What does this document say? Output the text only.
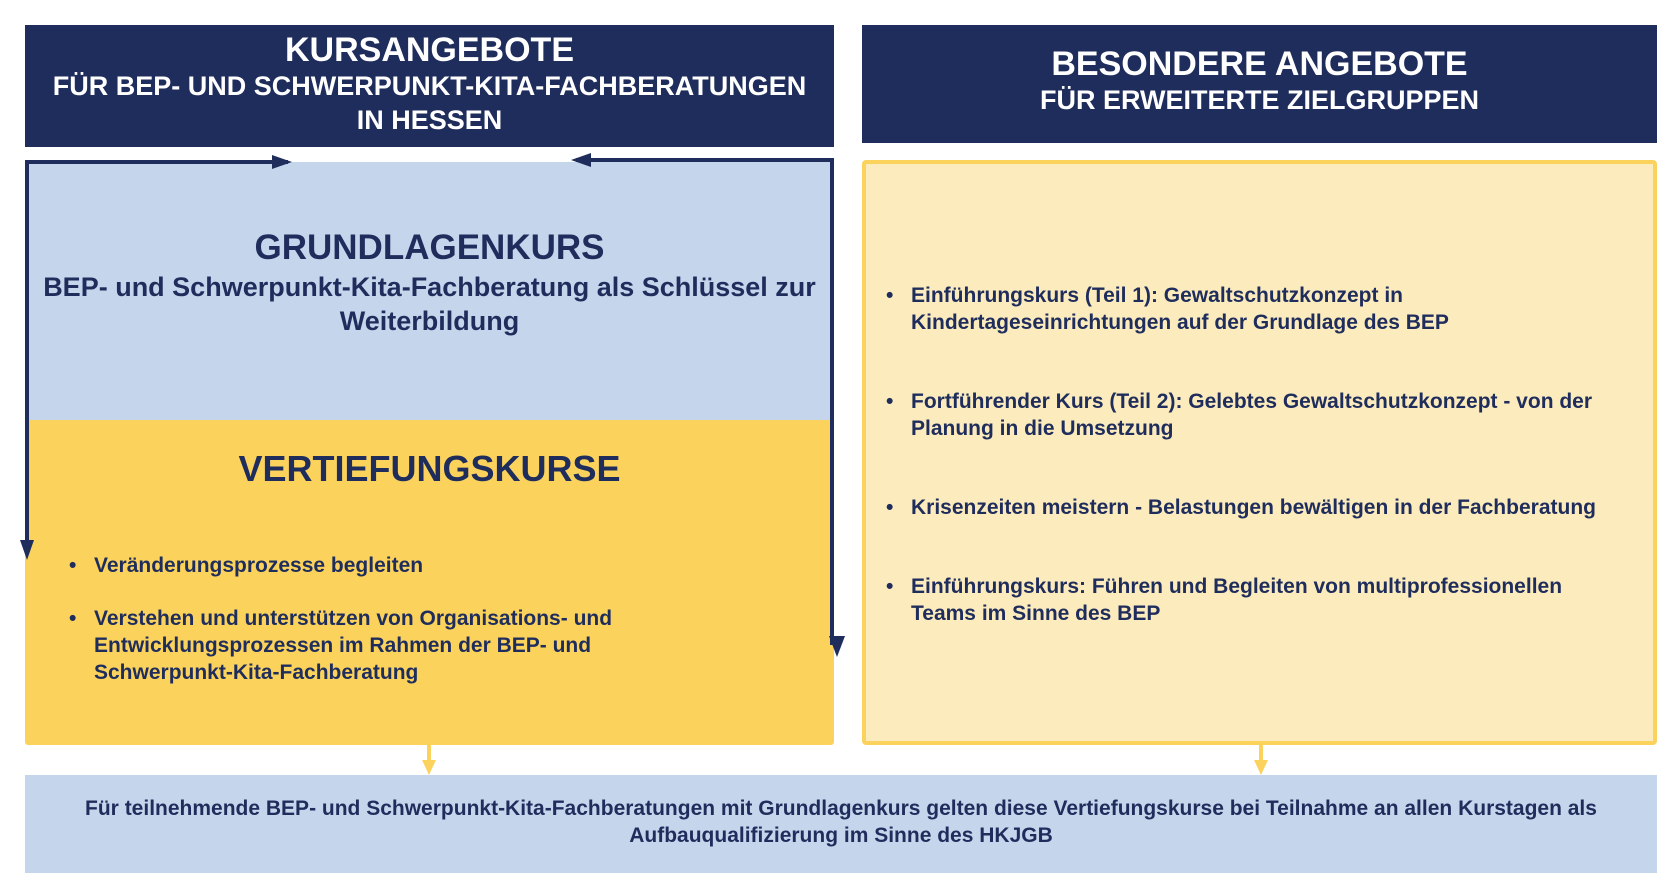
KURSANGEBOTE
FÜR BEP- UND SCHWERPUNKT-KITA-FACHBERATUNGEN
IN HESSEN
BESONDERE ANGEBOTE
FÜR ERWEITERTE ZIELGRUPPEN
GRUNDLAGENKURS
BEP- und Schwerpunkt-Kita-Fachberatung als Schlüssel zur Weiterbildung
VERTIEFUNGSKURSE
• Veränderungsprozesse begleiten
• Verstehen und unterstützen von Organisations- und Entwicklungsprozessen im Rahmen der BEP- und Schwerpunkt-Kita-Fachberatung
• Einführungskurs (Teil 1): Gewaltschutzkonzept in Kindertageseinrichtungen auf der Grundlage des BEP
• Fortführender Kurs (Teil 2): Gelebtes Gewaltschutzkonzept - von der Planung in die Umsetzung
• Krisenzeiten meistern - Belastungen bewältigen in der Fachberatung
• Einführungskurs: Führen und Begleiten von multiprofessionellen Teams im Sinne des BEP
Für teilnehmende BEP- und Schwerpunkt-Kita-Fachberatungen mit Grundlagenkurs gelten diese Vertiefungskurse bei Teilnahme an allen Kurstagen als
Aufbauqualifizierung im Sinne des HKJGB
